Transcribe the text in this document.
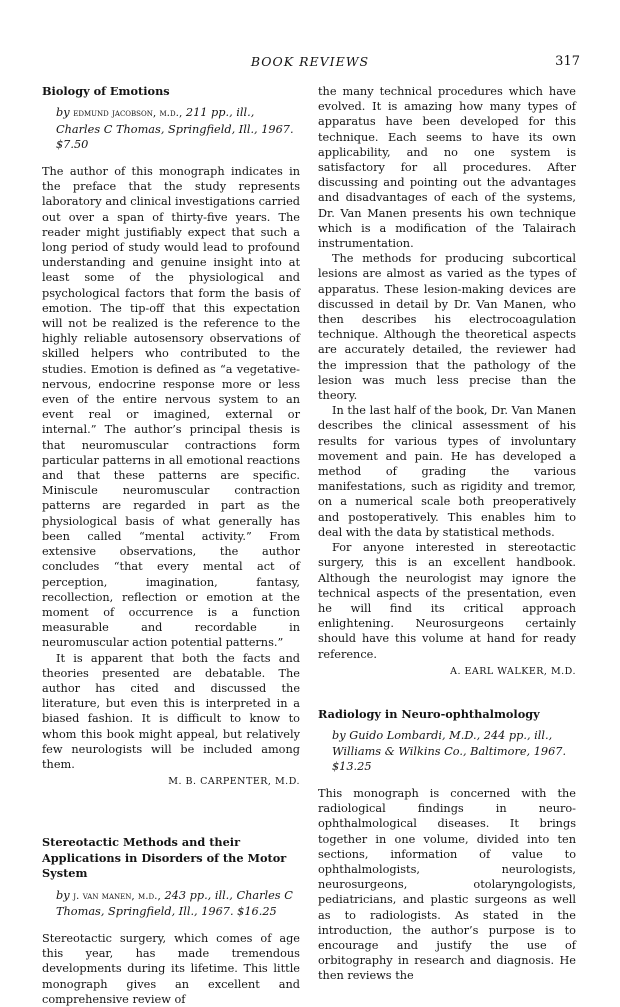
BOOK REVIEWS	317
Biology of Emotions
by edmund jacobson, m.d., 211 pp., ill., Charles C Thomas, Springfield, Ill., 1967. $7.50

The author of this monograph indicates in the preface that the study represents laboratory and clinical investigations carried out over a span of thirty-five years. The reader might justifiably expect that such a long period of study would lead to profound understanding and genuine insight into at least some of the physiological and psychological factors that form the basis of emotion. The tip-off that this expectation will not be realized is the reference to the highly reliable autosensory observations of skilled helpers who contributed to the studies. Emotion is defined as “a vegetative-nervous, endocrine response more or less even of the entire nervous system to an event real or imagined, external or internal.” The author’s principal thesis is that neuromuscular contractions form particular patterns in all emotional reactions and that these patterns are specific. Miniscule neuromuscular contraction patterns are regarded in part as the physiological basis of what generally has been called “mental activity.” From extensive observations, the author concludes “that every mental act of perception, imagination, fantasy, recollection, reflection or emotion at the moment of occurrence is a function measurable and recordable in neuromuscular action potential patterns.”

It is apparent that both the facts and theories presented are debatable. The author has cited and discussed the literature, but even this is interpreted in a biased fashion. It is difficult to know to whom this book might appeal, but relatively few neurologists will be included among them.

M. B. CARPENTER, M.D.
Stereotactic Methods and their Applications in Disorders of the Motor System
by j. van manen, m.d., 243 pp., ill., Charles C Thomas, Springfield, Ill., 1967. $16.25

Stereotactic surgery, which comes of age this year, has made tremendous developments during its lifetime. This little monograph gives an excellent and comprehensive review of

the many technical procedures which have evolved. It is amazing how many types of apparatus have been developed for this technique. Each seems to have its own applicability, and no one system is satisfactory for all procedures. After discussing and pointing out the advantages and disadvantages of each of the systems, Dr. Van Manen presents his own technique which is a modification of the Talairach instrumentation.

The methods for producing subcortical lesions are almost as varied as the types of apparatus. These lesion-making devices are discussed in detail by Dr. Van Manen, who then describes his electrocoagulation technique. Although the theoretical aspects are accurately detailed, the reviewer had the impression that the pathology of the lesion was much less precise than the theory.

In the last half of the book, Dr. Van Manen describes the clinical assessment of his results for various types of involuntary movement and pain. He has developed a method of grading the various manifestations, such as rigidity and tremor, on a numerical scale both preoperatively and postoperatively. This enables him to deal with the data by statistical methods.

For anyone interested in stereotactic surgery, this is an excellent handbook. Although the neurologist may ignore the technical aspects of the presentation, even he will find its critical approach enlightening. Neurosurgeons certainly should have this volume at hand for ready reference.

A. EARL WALKER, M.D.
Radiology in Neuro-ophthalmology
by Guido Lombardi, M.D., 244 pp., ill., Williams & Wilkins Co., Baltimore, 1967. $13.25

This monograph is concerned with the radiological findings in neuro-ophthalmological diseases. It brings together in one volume, divided into ten sections, information of value to ophthalmologists, neurologists, neurosurgeons, otolaryngologists, pediatricians, and plastic surgeons as well as to radiologists. As stated in the introduction, the author’s purpose is to encourage and justify the use of orbitography in research and diagnosis. He then reviews the
